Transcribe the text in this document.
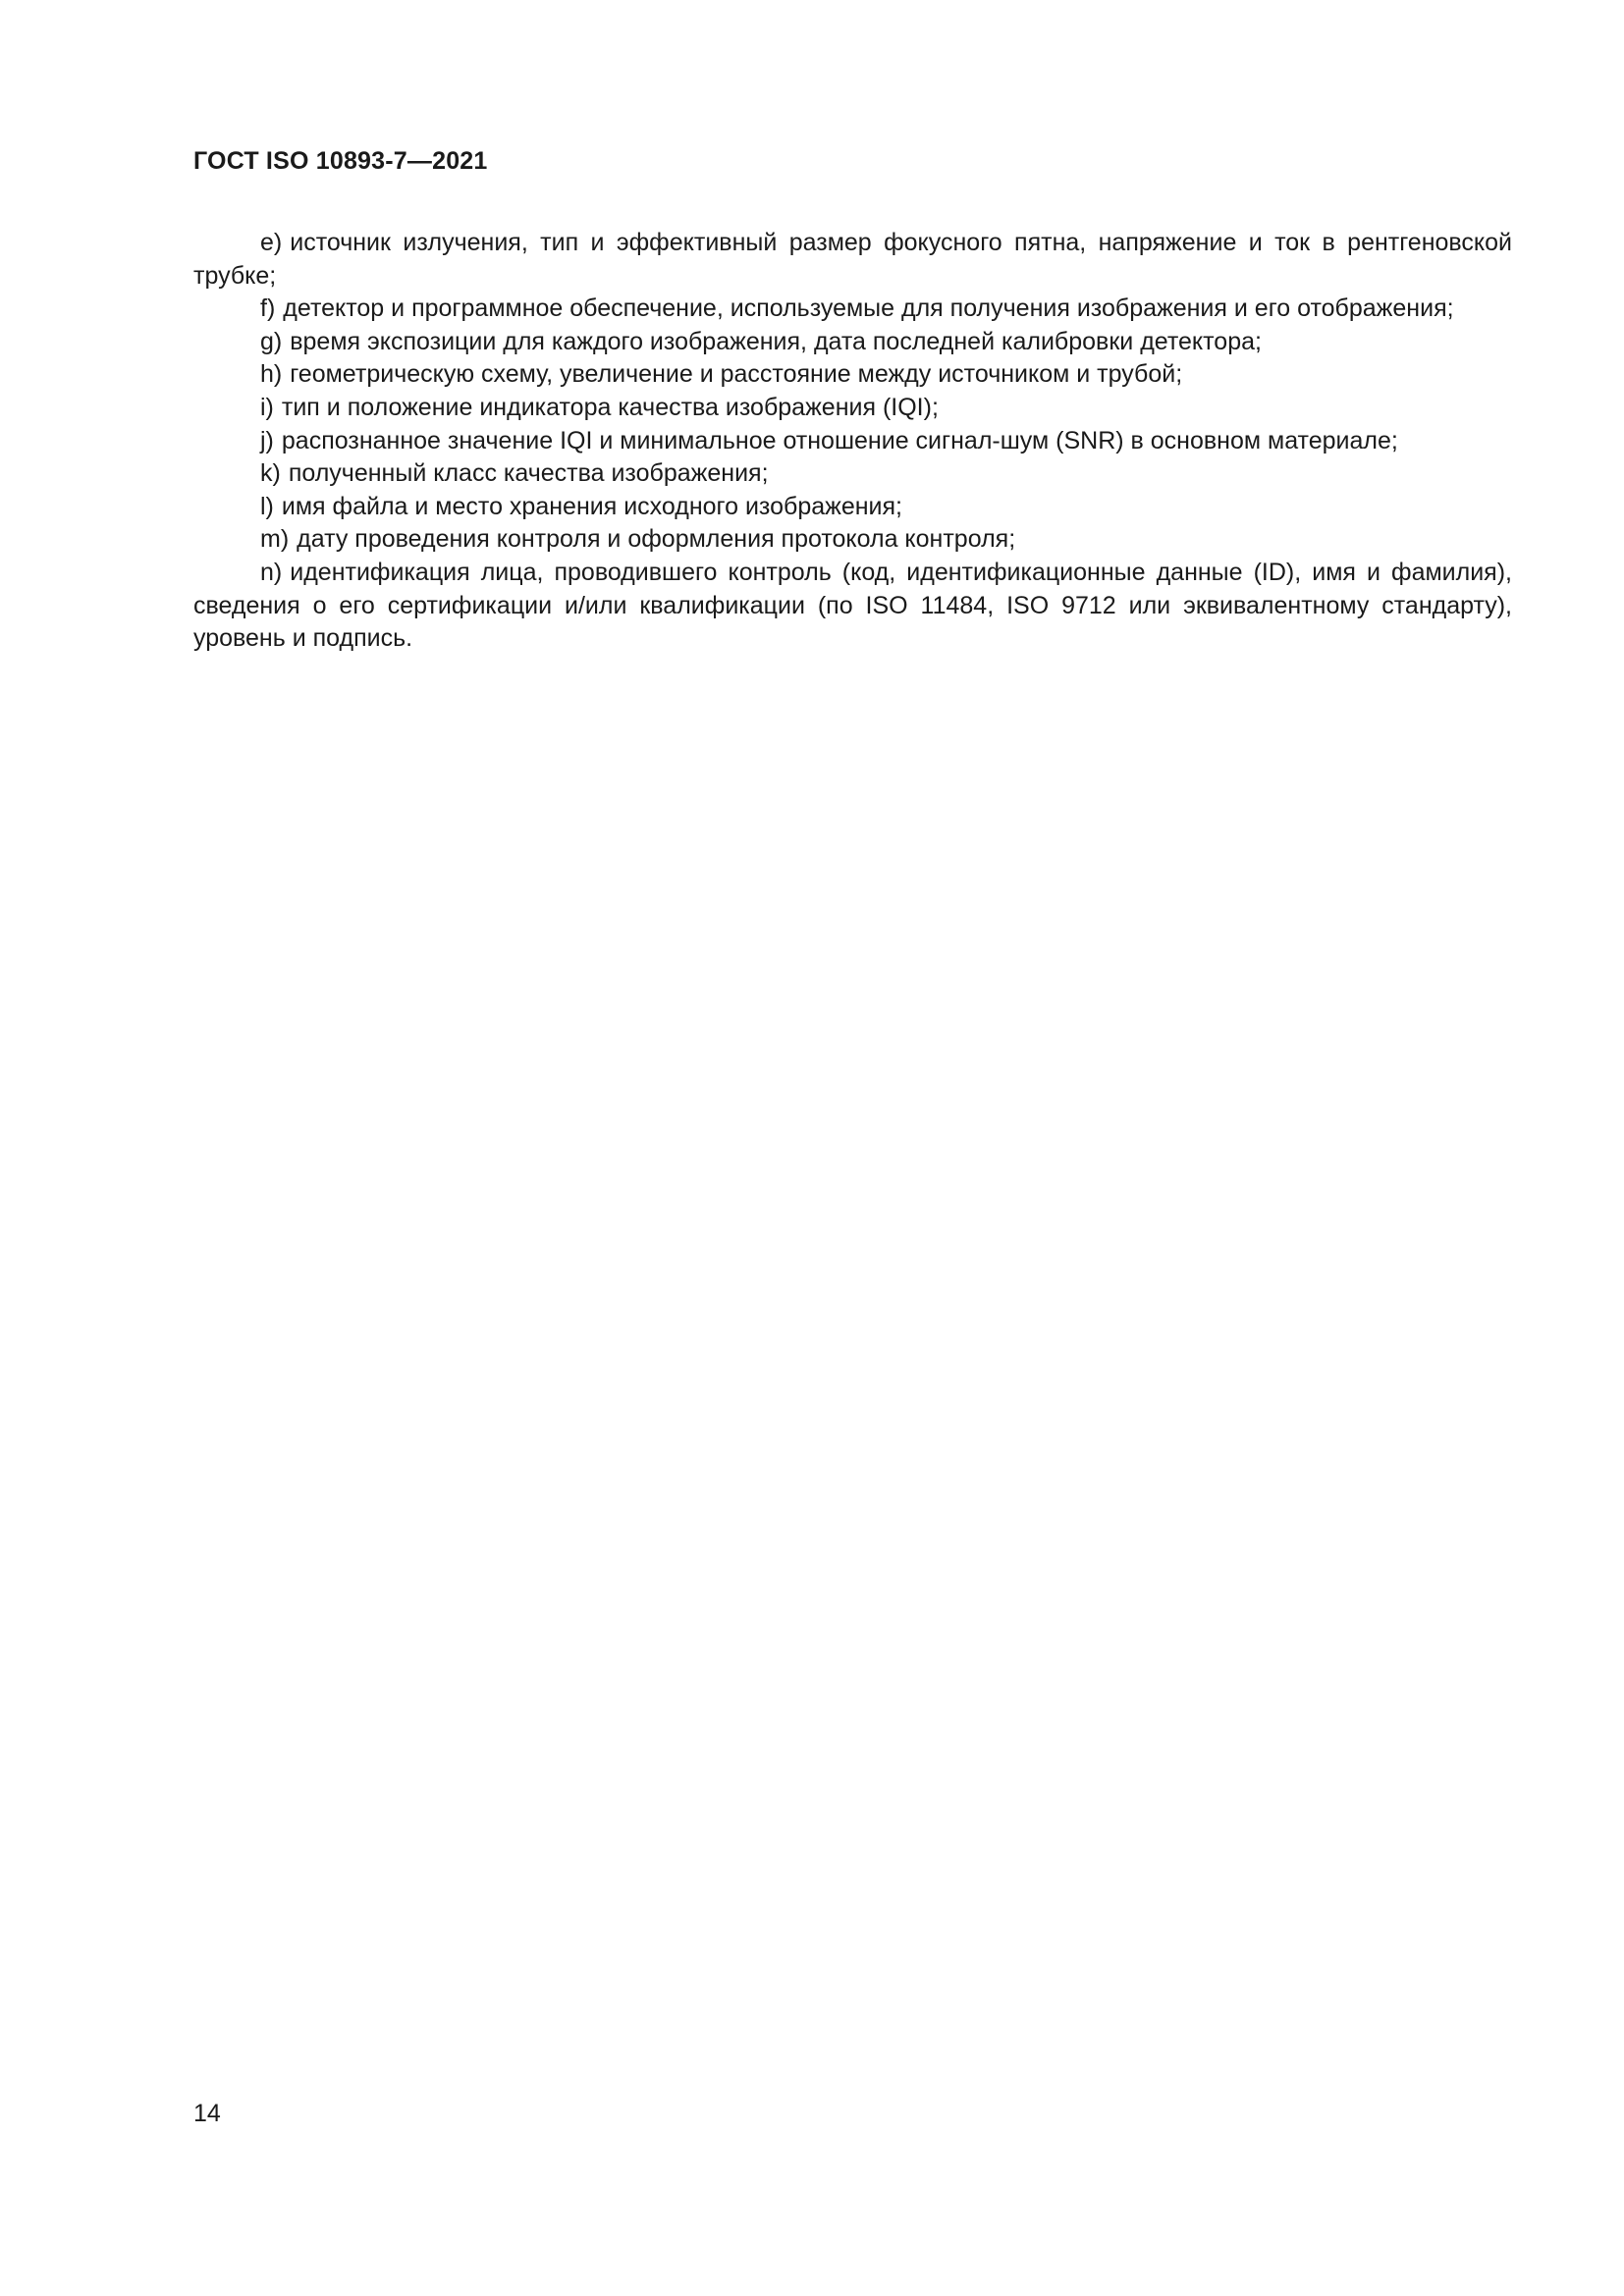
ГОСТ ISO 10893-7—2021

e) источник излучения, тип и эффективный размер фокусного пятна, напряжение и ток в рентгеновской трубке;

f) детектор и программное обеспечение, используемые для получения изображения и его отображения;

g) время экспозиции для каждого изображения, дата последней калибровки детектора;

h) геометрическую схему, увеличение и расстояние между источником и трубой;

i) тип и положение индикатора качества изображения (IQI);

j) распознанное значение IQI и минимальное отношение сигнал-шум (SNR) в основном материале;

k) полученный класс качества изображения;

l) имя файла и место хранения исходного изображения;

m) дату проведения контроля и оформления протокола контроля;

n) идентификация лица, проводившего контроль (код, идентификационные данные (ID), имя и фамилия), сведения о его сертификации и/или квалификации (по ISO 11484, ISO 9712 или эквивалентному стандарту), уровень и подпись.

14
